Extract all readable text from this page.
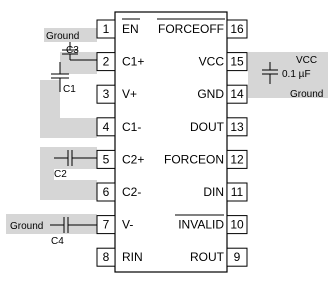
Ground
C3
C1
C2
Ground
C4
VCC
0.1 µF
Ground
1 EN
2 C1+
3 V+
4 C1-
5 C2+
6 C2-
7 V-
8 RIN
16
FORCEOFF
15
VCC
14
GND
13
DOUT
12
FORCEON
11
DIN
10
INVALID
9
ROUT
